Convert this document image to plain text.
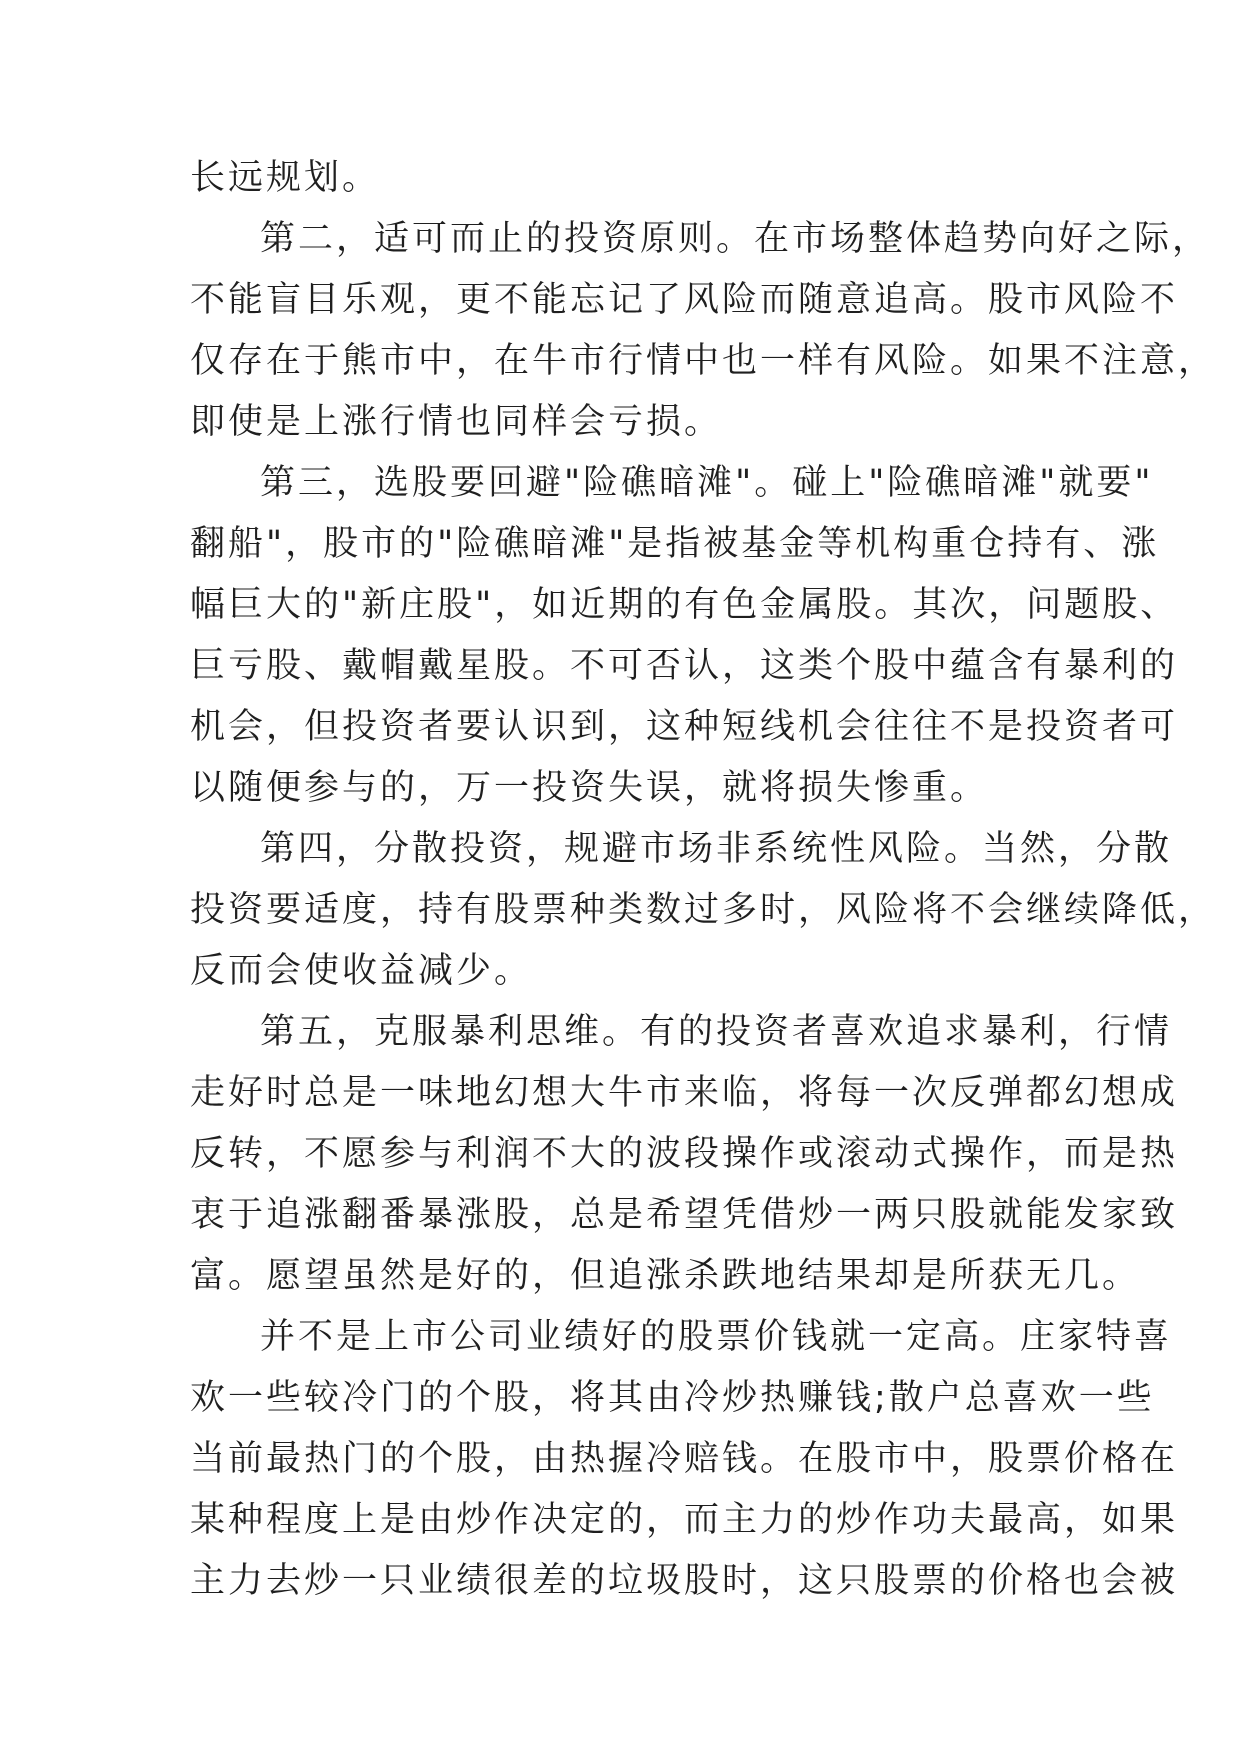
长远规划。
第二，适可而止的投资原则。在市场整体趋势向好之际，
不能盲目乐观，更不能忘记了风险而随意追高。股市风险不
仅存在于熊市中，在牛市行情中也一样有风险。如果不注意，
即使是上涨行情也同样会亏损。
第三，选股要回避"险礁暗滩"。碰上"险礁暗滩"就要"
翻船"，股市的"险礁暗滩"是指被基金等机构重仓持有、涨
幅巨大的"新庄股"，如近期的有色金属股。其次，问题股、
巨亏股、戴帽戴星股。不可否认，这类个股中蕴含有暴利的
机会，但投资者要认识到，这种短线机会往往不是投资者可
以随便参与的，万一投资失误，就将损失惨重。
第四，分散投资，规避市场非系统性风险。当然，分散
投资要适度，持有股票种类数过多时，风险将不会继续降低，
反而会使收益减少。
第五，克服暴利思维。有的投资者喜欢追求暴利，行情
走好时总是一味地幻想大牛市来临，将每一次反弹都幻想成
反转，不愿参与利润不大的波段操作或滚动式操作，而是热
衷于追涨翻番暴涨股，总是希望凭借炒一两只股就能发家致
富。愿望虽然是好的，但追涨杀跌地结果却是所获无几。
并不是上市公司业绩好的股票价钱就一定高。庄家特喜
欢一些较冷门的个股，将其由冷炒热赚钱;散户总喜欢一些
当前最热门的个股，由热握冷赔钱。在股市中，股票价格在
某种程度上是由炒作决定的，而主力的炒作功夫最高，如果
主力去炒一只业绩很差的垃圾股时，这只股票的价格也会被
